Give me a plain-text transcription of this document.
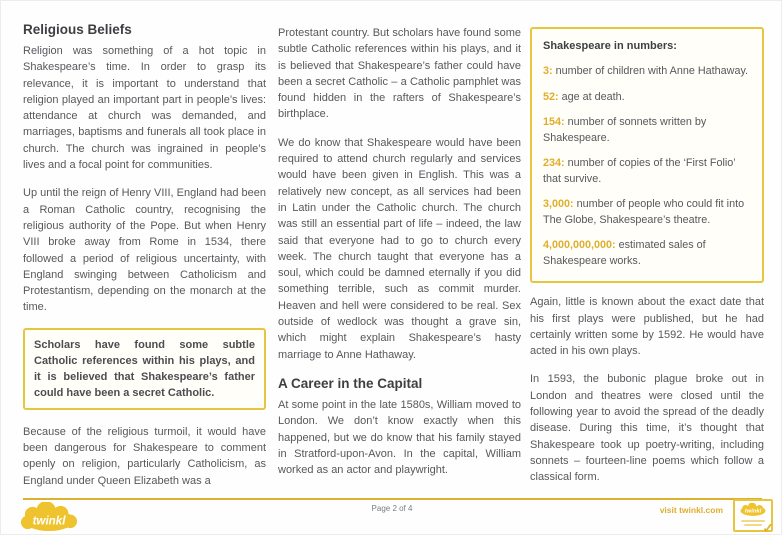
Religious Beliefs

Religion was something of a hot topic in Shakespeare’s time. In order to grasp its relevance, it is important to understand that religion played an important part in people’s lives: attendance at church was demanded, and marriages, baptisms and funerals all took place in church. The church was ingrained in people’s lives and a focal point for communities.

Up until the reign of Henry VIII, England had been a Roman Catholic country, recognising the religious authority of the Pope. But when Henry VIII broke away from Rome in 1534, there followed a period of religious uncertainty, with England swinging between Catholicism and Protestantism, depending on the monarch at the time.

Scholars have found some subtle Catholic references within his plays, and it is believed that Shakespeare’s father could have been a secret Catholic.

Because of the religious turmoil, it would have been dangerous for Shakespeare to comment openly on religion, particularly Catholicism, as England under Queen Elizabeth was a

Protestant country. But scholars have found some subtle Catholic references within his plays, and it is believed that Shakespeare’s father could have been a secret Catholic – a Catholic pamphlet was found hidden in the rafters of Shakespeare’s birthplace.

We do know that Shakespeare would have been required to attend church regularly and services would have been given in English. This was a relatively new concept, as all services had been in Latin under the Catholic church. The church was still an essential part of life – indeed, the law said that everyone had to go to church every week. The church taught that everyone has a soul, which could be damned eternally if you did something terrible, such as commit murder. Heaven and hell were considered to be real. Sex outside of wedlock was thought a grave sin, which might explain Shakespeare’s hasty marriage to Anne Hathaway.

A Career in the Capital

At some point in the late 1580s, William moved to London. We don’t know exactly when this happened, but we do know that his family stayed in Stratford-upon-Avon. In the capital, William worked as an actor and playwright.

Shakespeare in numbers:
3: number of children with Anne Hathaway.
52: age at death.
154: number of sonnets written by Shakespeare.
234: number of copies of the ‘First Folio’ that survive.
3,000: number of people who could fit into The Globe, Shakespeare’s theatre.
4,000,000,000: estimated sales of Shakespeare works.

Again, little is known about the exact date that his first plays were published, but he had certainly written some by 1592. He would have acted in his own plays.

In 1593, the bubonic plague broke out in London and theatres were closed until the following year to avoid the spread of the deadly disease. During this time, it’s thought that Shakespeare took up poetry-writing, including sonnets – fourteen-line poems which follow a classical form.

twinkl
Page 2 of 4	visit twinkl.com	twinkl
✓
